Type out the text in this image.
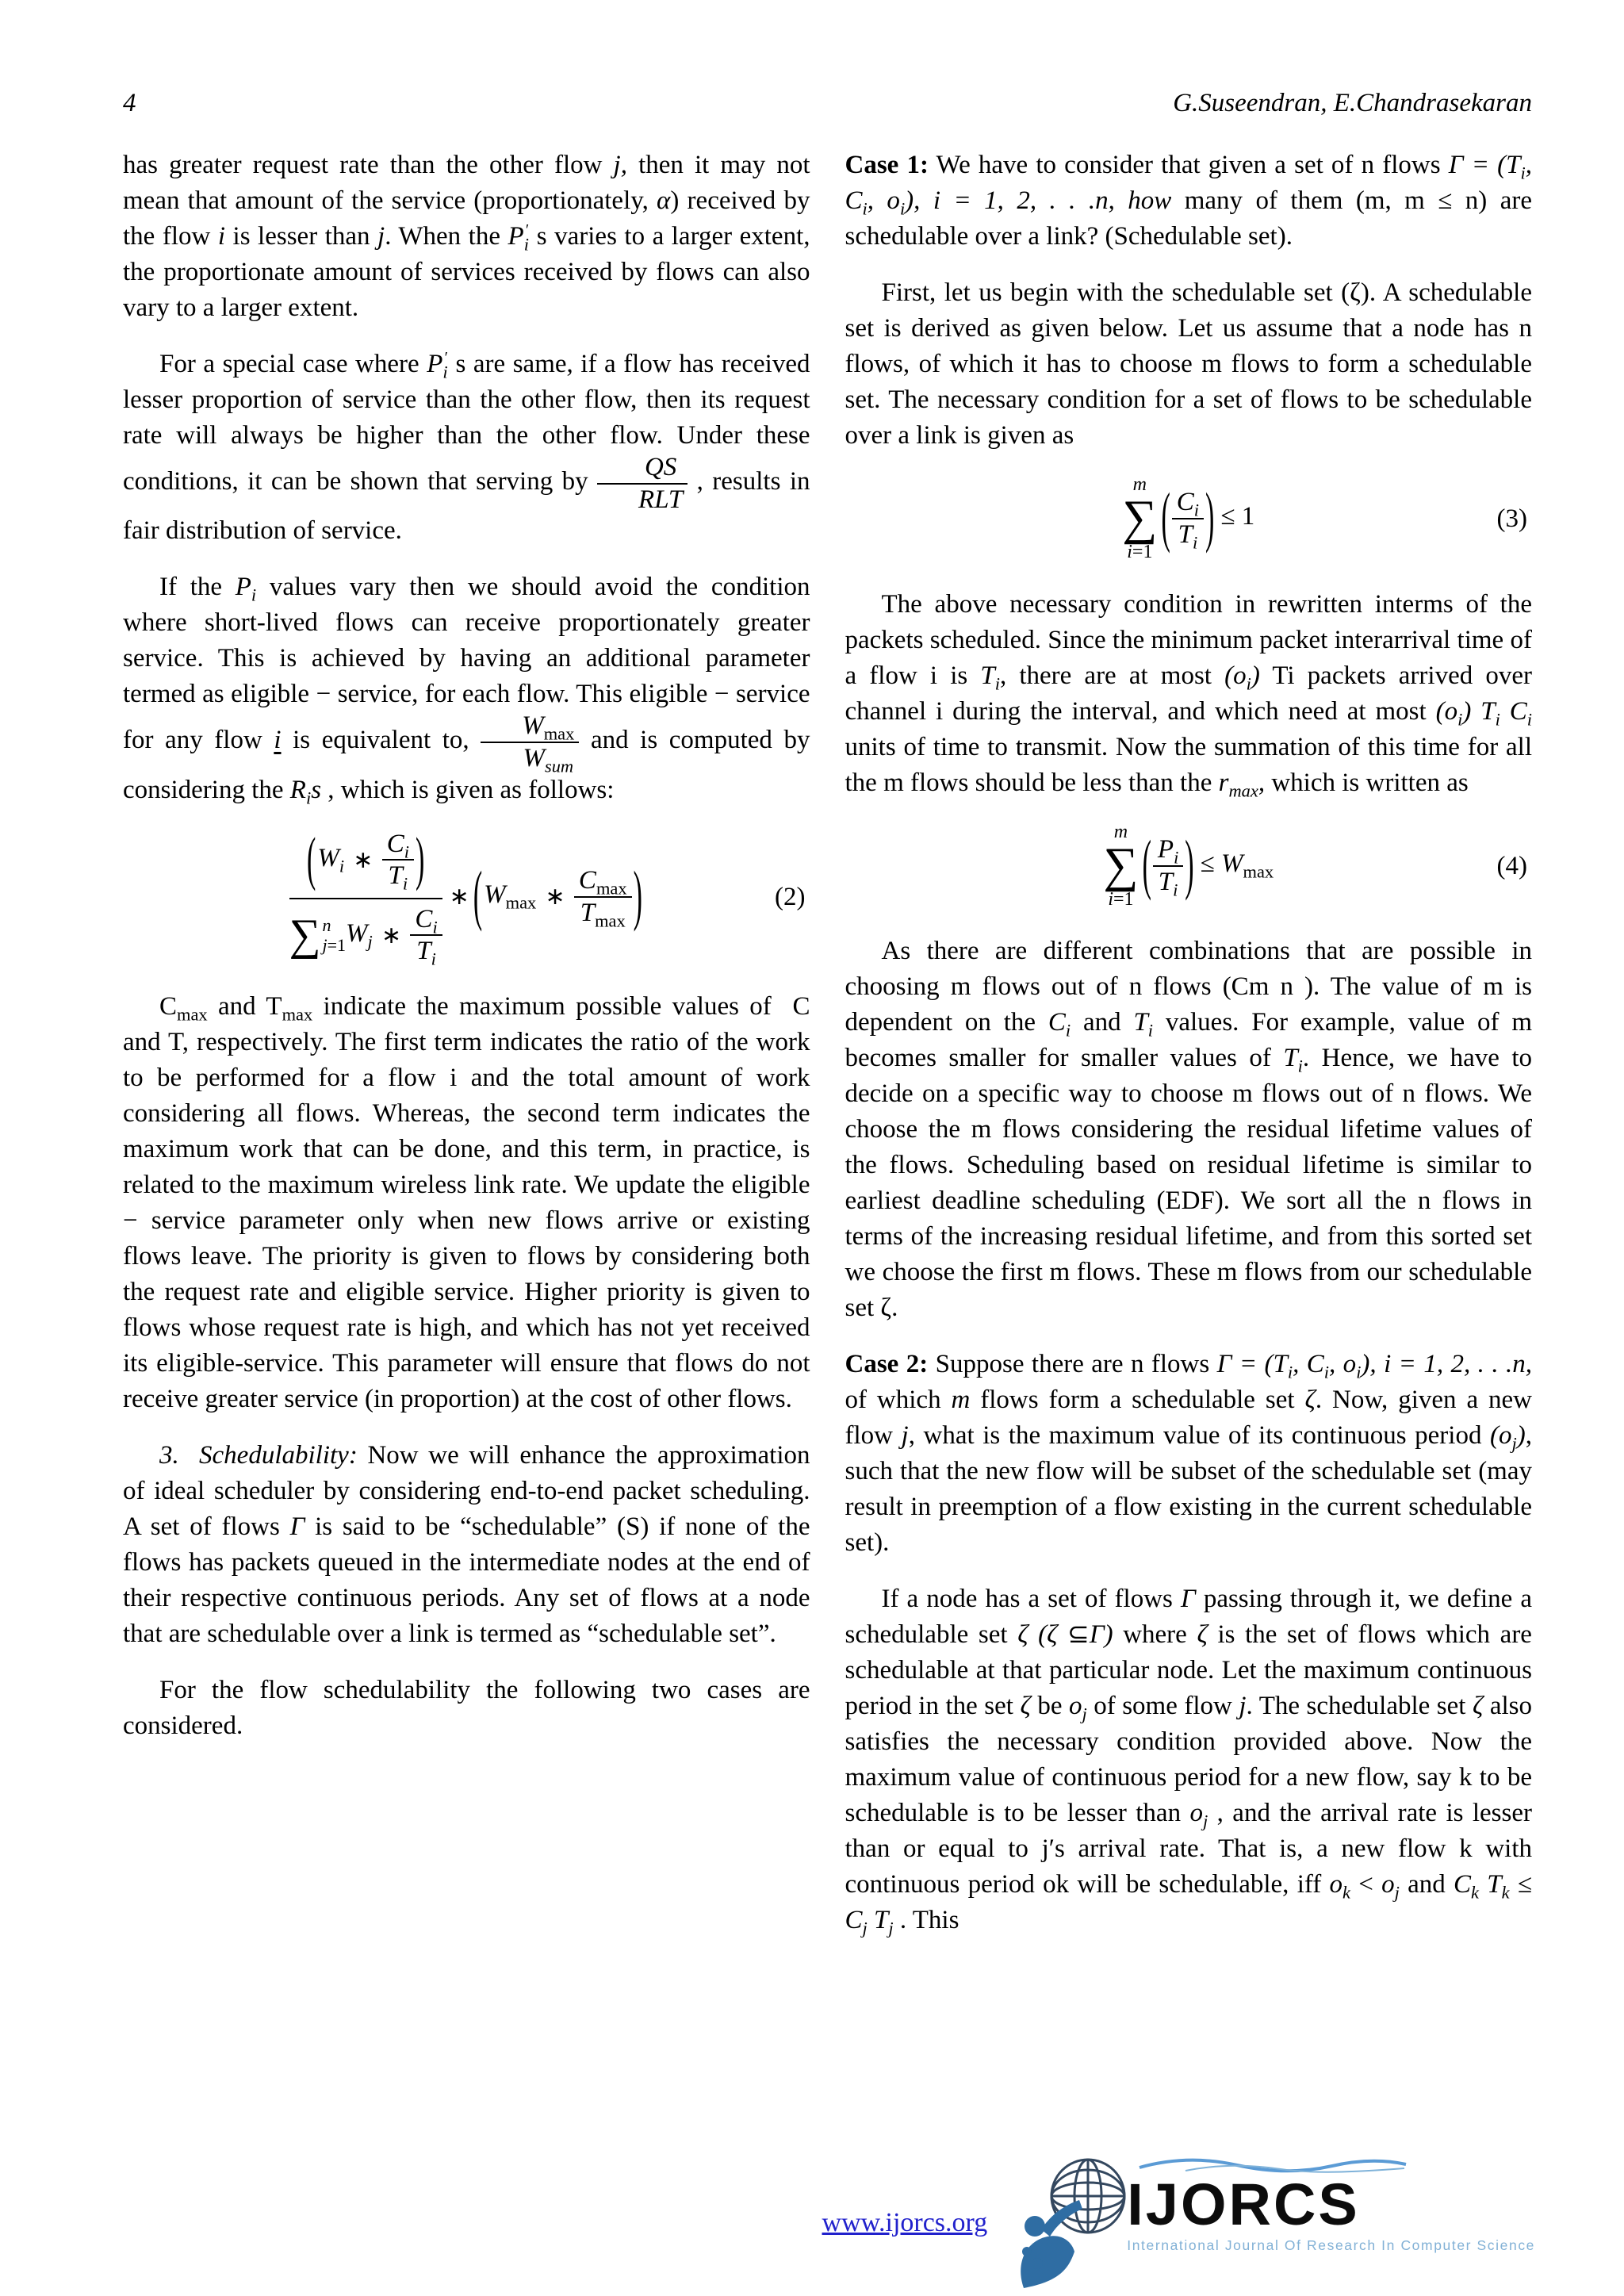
4	G.Suseendran, E.Chandrasekaran

has greater request rate than the other flow j, then it may not mean that amount of the service (proportionately, α) received by the flow i is lesser than j. When the $P_i'$ s varies to a larger extent, the proportionate amount of services received by flows can also vary to a larger extent.

For a special case where $P_i'$ s are same, if a flow has received lesser proportion of service than the other flow, then its request rate will always be higher than the other flow. Under these conditions, it can be shown that serving by $\frac{QS}{\text{RLT}}$ , results in fair distribution of service.

If the $P_i$ values vary then we should avoid the condition where short-lived flows can receive proportionately greater service. This is achieved by having an additional parameter termed as eligible − service, for each flow. This eligible − service for any flow i is equivalent to, $\frac{W_{max}}{W_{sum}}$ and is computed by considering the $R_is$ , which is given as follows:

($W_i$ ∗ $\frac{C_i}{T_i}$ )
∑ n
j=1 $W_j$ ∗ $\frac{C_i}{T_i}$
∗ ($W_{max}$ ∗ $\frac{C_{max}}{T_{max}}$ )	(2)

$C_{max}$ and $T_{max}$ indicate the maximum possible values of  C and T, respectively. The first term indicates the ratio of the work to be performed for a flow i and the total amount of work considering all flows. Whereas, the second term indicates the maximum work that can be done, and this term, in practice, is related to the maximum wireless link rate. We update the eligible − service parameter only when new flows arrive or existing flows leave. The priority is given to flows by considering both the request rate and eligible service. Higher priority is given to flows whose request rate is high, and which has not yet received its eligible-service. This parameter will ensure that flows do not receive greater service (in proportion) at the cost of other flows.

3.  Schedulability: Now we will enhance the approximation of ideal scheduler by considering end-to-end packet scheduling. A set of flows Γ is said to be “schedulable” (S) if none of the flows has packets queued in the intermediate nodes at the end of their respective continuous periods. Any set of flows at a node that are schedulable over a link is termed as “schedulable set”.

For the flow schedulability the following two cases are considered.

Case 1: We have to consider that given a set of n flows $\Gamma = (T_i$, $C_i$, $o_i$), i = 1, 2, . . .n, how many of them (m, m ≤ n) are schedulable over a link? (Schedulable set).

First, let us begin with the schedulable set (ζ). A schedulable set is derived as given below. Let us assume that a node has n flows, of which it has to choose m flows to form a schedulable set. The necessary condition for a set of flows to be schedulable over a link is given as

m
∑
i=1 ( $\frac{C_i}{T_i}$ ) ≤ 1	(3)

The above necessary condition in rewritten interms of the packets scheduled. Since the minimum packet interarrival time of a flow i is $T_i$, there are at most $(o_i)$ Ti packets arrived over channel i during the interval, and which need at most $(o_i)$ $T_i$ $C_i$ units of time to transmit. Now the summation of this time for all the m flows should be less than the $r_{max}$, which is written as

m
∑
i=1 ( $\frac{P_i}{T_i}$ ) ≤ $W_{max}$	(4)

As there are different combinations that are possible in choosing m flows out of n flows (Cm n ). The value of m is dependent on the $C_i$ and $T_i$ values. For example, value of m becomes smaller for smaller values of $T_i$. Hence, we have to decide on a specific way to choose m flows out of n flows. We choose the m flows considering the residual lifetime values of the flows. Scheduling based on residual lifetime is similar to earliest deadline scheduling (EDF). We sort all the n flows in terms of the increasing residual lifetime, and from this sorted set we choose the first m flows. These m flows from our schedulable set ζ.

Case 2: Suppose there are n flows $\Gamma = (T_i$, $C_i$, $o_i$), i = 1, 2, . . .n, of which m flows form a schedulable set ζ. Now, given a new flow j, what is the maximum value of its continuous period $(o_j)$, such that the new flow will be subset of the schedulable set (may result in preemption of a flow existing in the current schedulable set).

If a node has a set of flows Γ passing through it, we define a schedulable set ζ (ζ ⊆Γ) where ζ is the set of flows which are schedulable at that particular node. Let the maximum continuous period in the set ζ be $o_j$ of some flow j. The schedulable set ζ also satisfies the necessary condition provided above. Now the maximum value of continuous period for a new flow, say k to be schedulable is to be lesser than $o_j$ , and the arrival rate is lesser than or equal to j′s arrival rate. That is, a new flow k with continuous period ok will be schedulable, iff $o_k < o_j$ and $C_k$ $T_k \le C_j$ $T_j$ . This

www.ijorcs.org IJORCS
International Journal Of Research In Computer Science
